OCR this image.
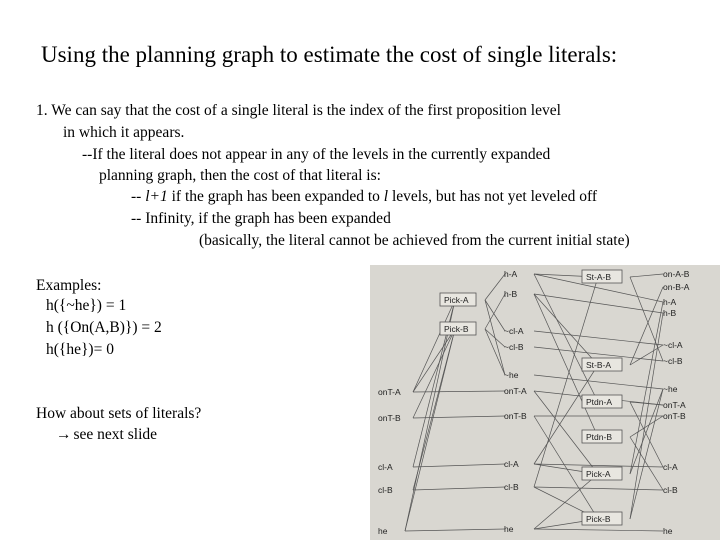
Using the planning graph to estimate the cost of single literals:
1. We can say that the cost of a single literal is the index of the first proposition level
in which it appears.
--If the literal does not appear in any of the levels in the currently expanded
planning graph, then the cost of that literal is:
-- l+1 if the graph has been expanded to l levels, but has not yet leveled off
-- Infinity, if the graph has been expanded
(basically, the literal cannot be achieved from the current initial state)
Examples:
h({~he}) = 1
h ({On(A,B)}) = 2
h({he})= 0
How about sets of literals?
→ see next slide
onT-A
onT-B
cl-A
cl-B
he
Pick-A
Pick-B
h-A
h-B
~cl-A
~cl-B
~he
onT-A
onT-B
cl-A
cl-B
he
St-A-B
St-B-A
Ptdn-A
Ptdn-B
Pick-A
Pick-B
on-A-B
on-B-A
h-A
h-B
~cl-A
~cl-B
~he
onT-A
onT-B
cl-A
cl-B
he
